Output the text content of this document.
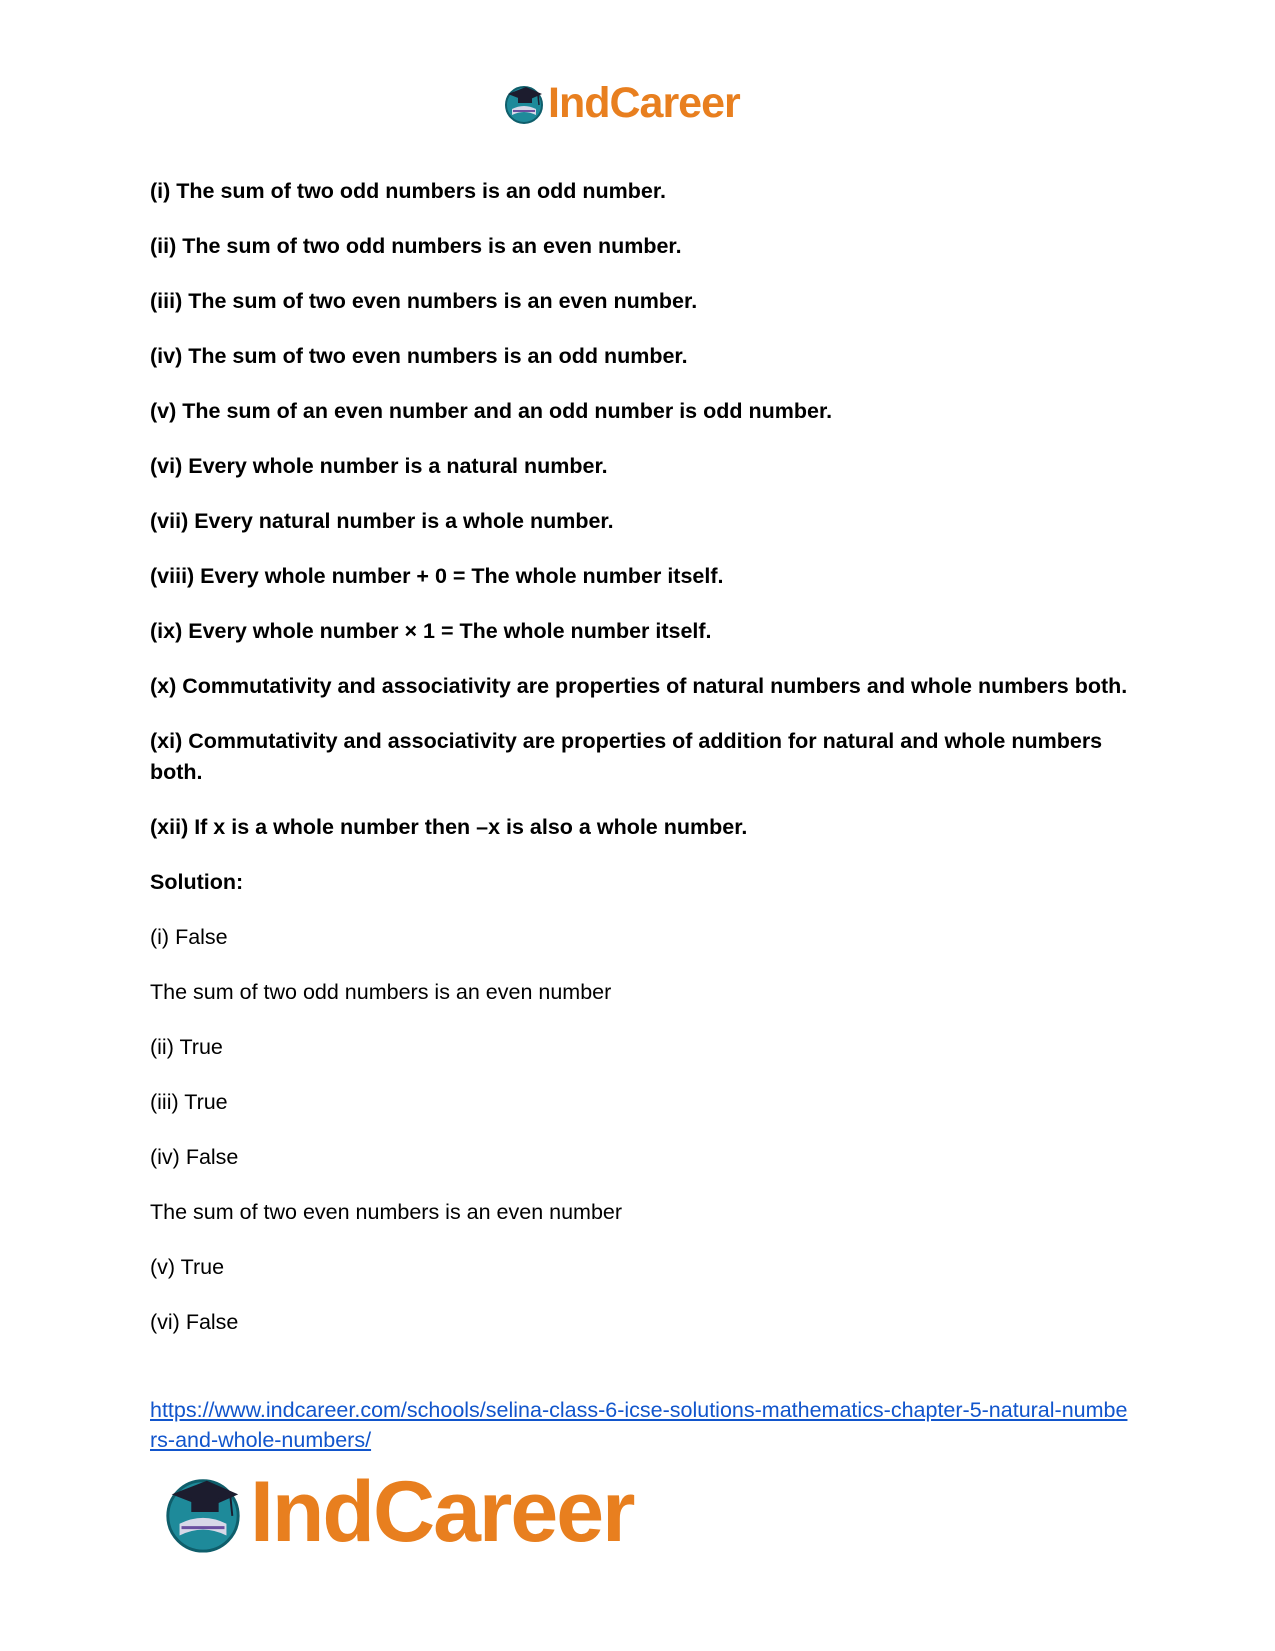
IndCareer

(i) The sum of two odd numbers is an odd number.

(ii) The sum of two odd numbers is an even number.

(iii) The sum of two even numbers is an even number.

(iv) The sum of two even numbers is an odd number.

(v) The sum of an even number and an odd number is odd number.

(vi) Every whole number is a natural number.

(vii) Every natural number is a whole number.

(viii) Every whole number + 0 = The whole number itself.

(ix) Every whole number × 1 = The whole number itself.

(x) Commutativity and associativity are properties of natural numbers and whole numbers both.

(xi) Commutativity and associativity are properties of addition for natural and whole numbers both.

(xii) If x is a whole number then –x is also a whole number.

Solution:

(i) False

The sum of two odd numbers is an even number

(ii) True

(iii) True

(iv) False

The sum of two even numbers is an even number

(v) True

(vi) False

https://www.indcareer.com/schools/selina-class-6-icse-solutions-mathematics-chapter-5-natural-numbers-and-whole-numbers/
IndCareer
